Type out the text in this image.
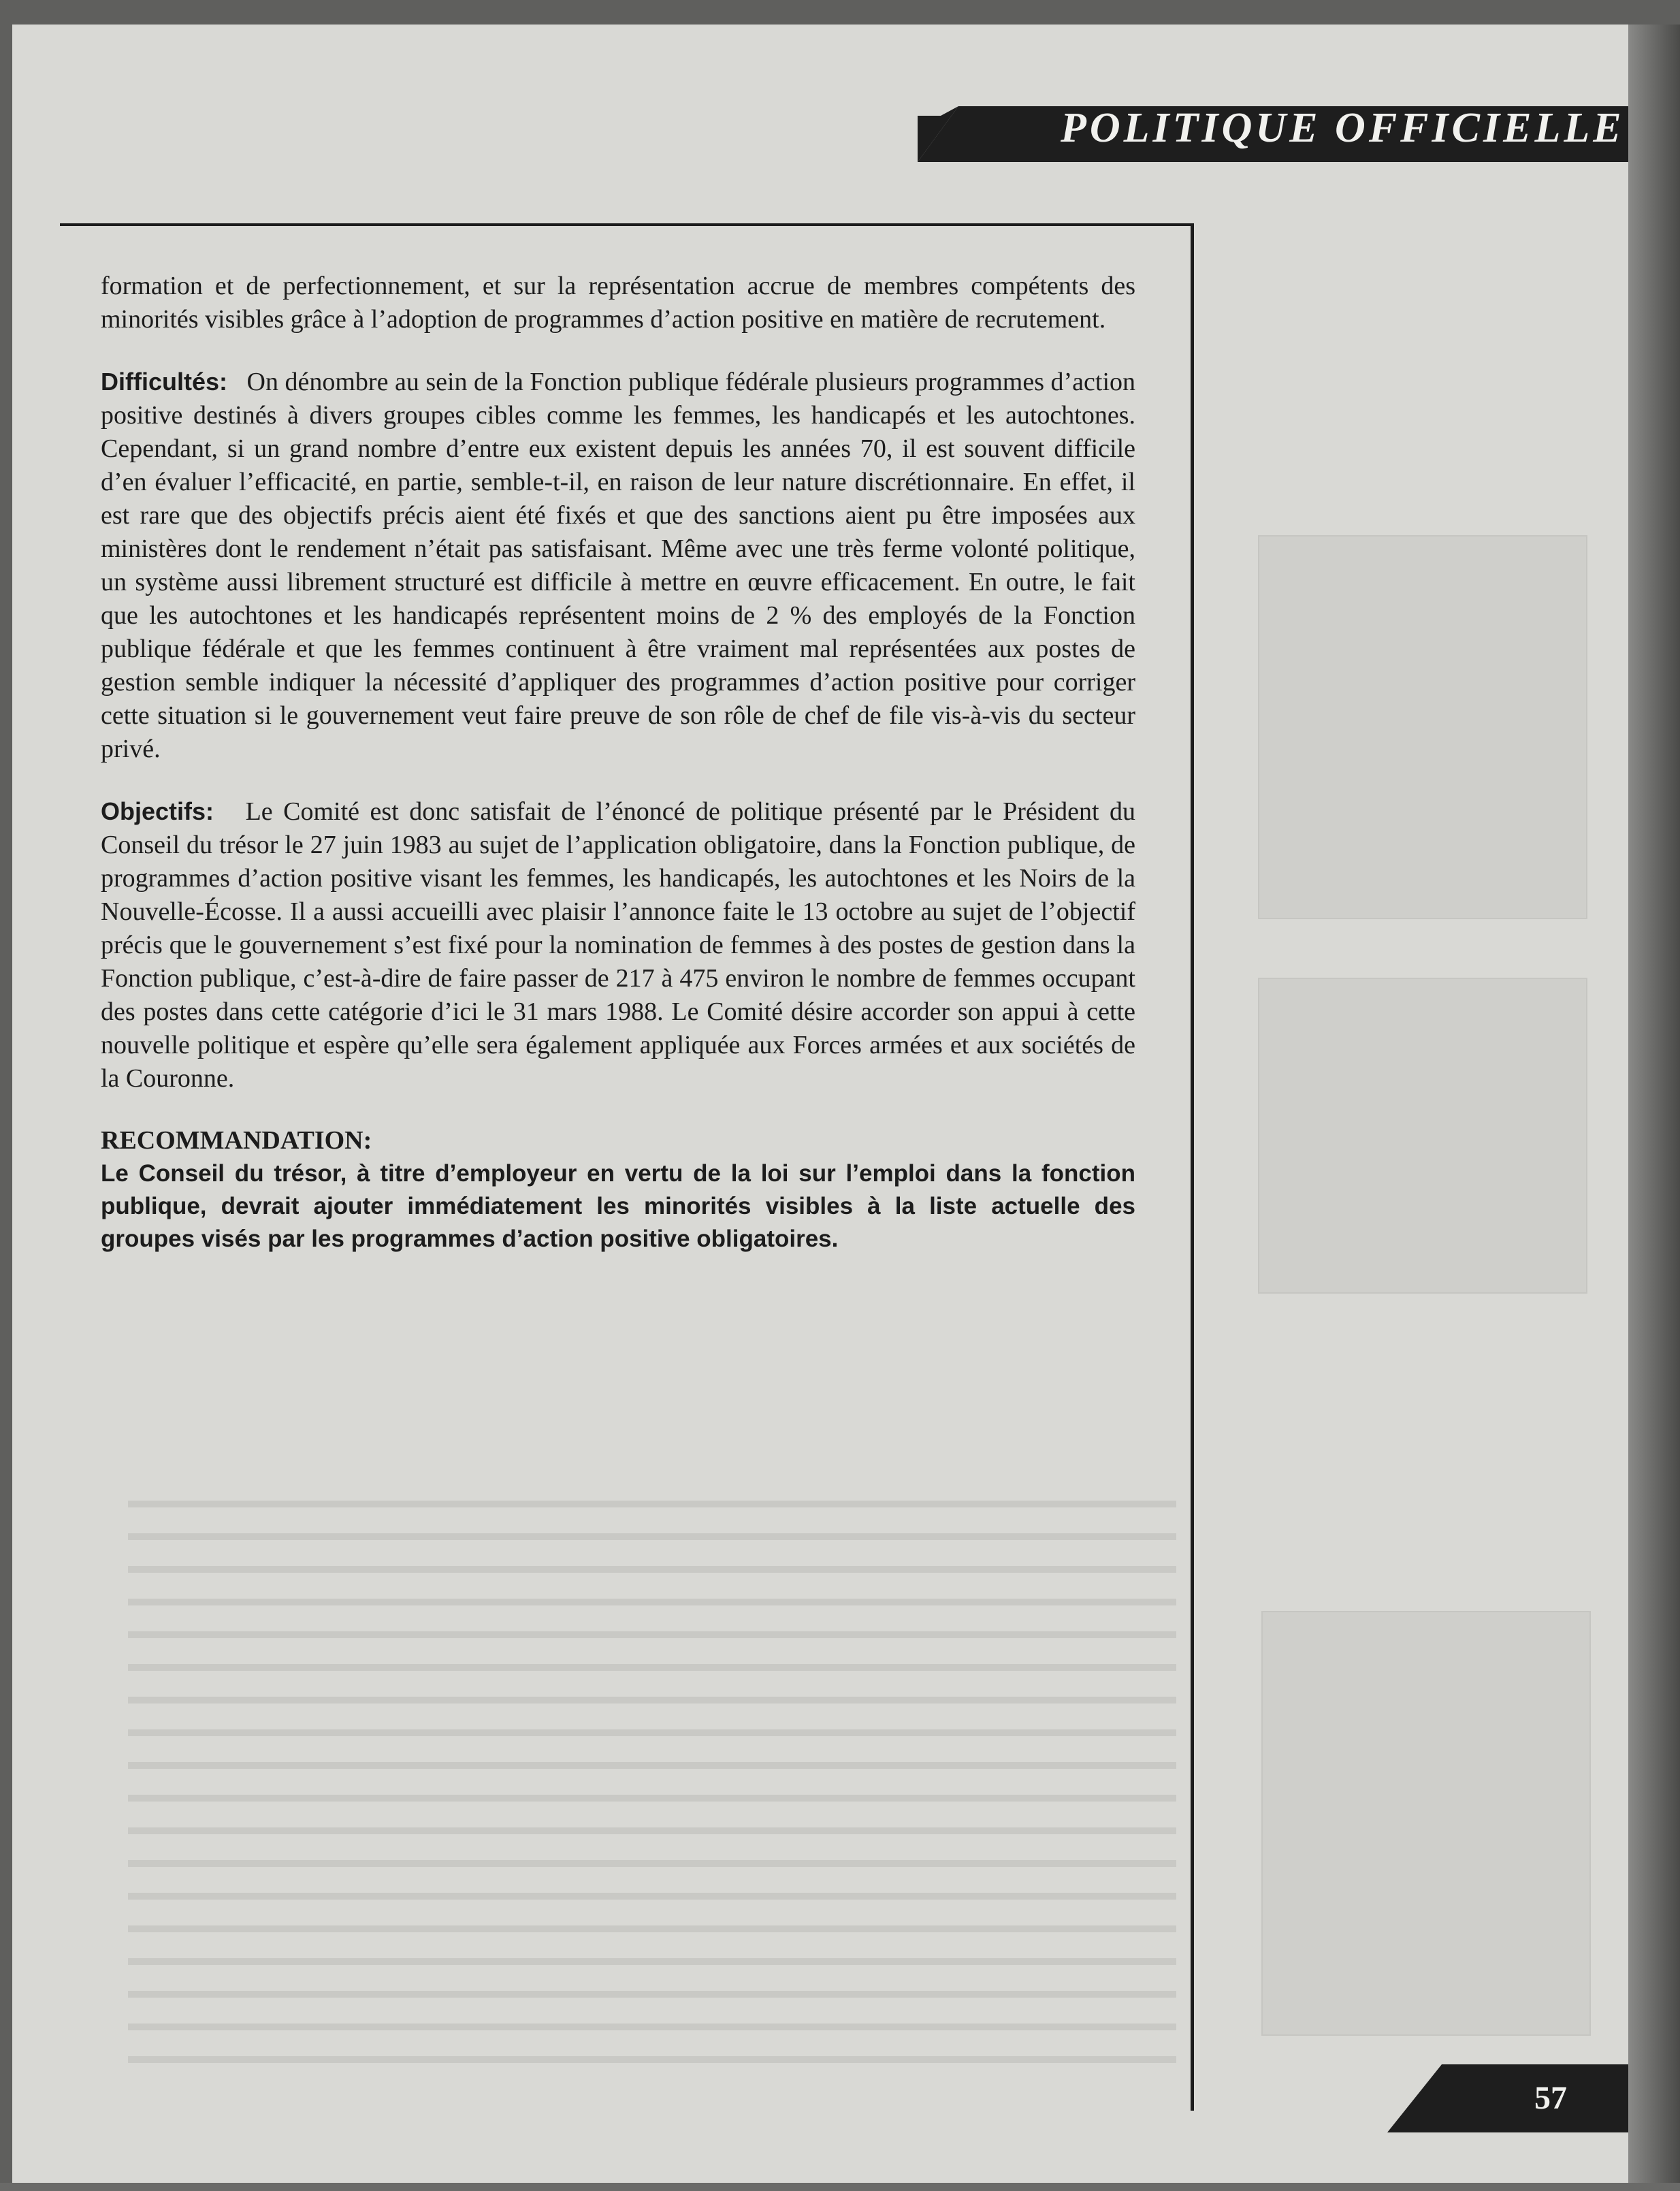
POLITIQUE OFFICIELLE

formation et de perfectionnement, et sur la représentation accrue de membres compétents des minorités visibles grâce à l’adoption de programmes d’action positive en matière de recrutement.

Difficultés: On dénombre au sein de la Fonction publique fédérale plusieurs programmes d’action positive destinés à divers groupes cibles comme les femmes, les handicapés et les autochtones. Cependant, si un grand nombre d’entre eux existent depuis les années 70, il est souvent difficile d’en évaluer l’efficacité, en partie, semble-t-il, en raison de leur nature discrétionnaire. En effet, il est rare que des objectifs précis aient été fixés et que des sanctions aient pu être imposées aux ministères dont le rendement n’était pas satisfaisant. Même avec une très ferme volonté politique, un système aussi librement structuré est difficile à mettre en œuvre efficacement. En outre, le fait que les autochtones et les handicapés représentent moins de 2 % des employés de la Fonction publique fédérale et que les femmes continuent à être vraiment mal représentées aux postes de gestion semble indiquer la nécessité d’appliquer des programmes d’action positive pour corriger cette situation si le gouvernement veut faire preuve de son rôle de chef de file vis-à-vis du secteur privé.

Objectifs: Le Comité est donc satisfait de l’énoncé de politique présenté par le Président du Conseil du trésor le 27 juin 1983 au sujet de l’application obligatoire, dans la Fonction publique, de programmes d’action positive visant les femmes, les handicapés, les autochtones et les Noirs de la Nouvelle-Écosse. Il a aussi accueilli avec plaisir l’annonce faite le 13 octobre au sujet de l’objectif précis que le gouvernement s’est fixé pour la nomination de femmes à des postes de gestion dans la Fonction publique, c’est-à-dire de faire passer de 217 à 475 environ le nombre de femmes occupant des postes dans cette catégorie d’ici le 31 mars 1988. Le Comité désire accorder son appui à cette nouvelle politique et espère qu’elle sera également appliquée aux Forces armées et aux sociétés de la Couronne.

RECOMMANDATION:

Le Conseil du trésor, à titre d’employeur en vertu de la loi sur l’emploi dans la fonction publique, devrait ajouter immédiatement les minorités visibles à la liste actuelle des groupes visés par les programmes d’action positive obligatoires.

57
